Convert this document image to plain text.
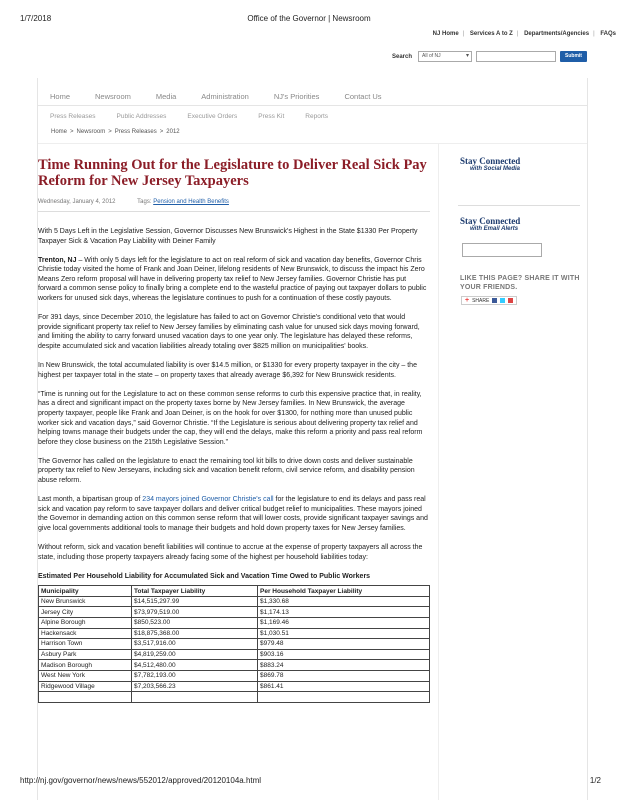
1/7/2018	Office of the Governor | Newsroom
NJ Home | Services A to Z | Departments/Agencies | FAQs
Search	All of NJ ▾	Submit
Home	Newsroom	Media	Administration	NJ's Priorities	Contact Us
Press Releases	Public Addresses	Executive Orders	Press Kit	Reports
Home > Newsroom > Press Releases > 2012
Time Running Out for the Legislature to Deliver Real Sick Pay Reform for New Jersey Taxpayers
Wednesday, January 4, 2012	Tags: Pension and Health Benefits

With 5 Days Left in the Legislative Session, Governor Discusses New Brunswick's Highest in the State $1330 Per Property Taxpayer Sick & Vacation Pay Liability with Deiner Family

Trenton, NJ – With only 5 days left for the legislature to act on real reform of sick and vacation day benefits, Governor Chris Christie today visited the home of Frank and Joan Deiner, lifelong residents of New Brunswick, to discuss the impact his Zero Means Zero reform proposal will have in delivering property tax relief to New Jersey families. Governor Christie has put forward a common sense policy to finally bring a complete end to the wasteful practice of paying out taxpayer dollars to public workers for unused sick days, whereas the legislature continues to push for a continuation of these costly payouts.

For 391 days, since December 2010, the legislature has failed to act on Governor Christie's conditional veto that would provide significant property tax relief to New Jersey families by eliminating cash value for unused sick days moving forward, and limiting the ability to carry forward unused vacation days to one year only. The legislature has delayed these reforms, despite accumulated sick and vacation liabilities already totaling over $825 million on municipalities' books.

In New Brunswick, the total accumulated liability is over $14.5 million, or $1330 for every property taxpayer in the city – the highest per taxpayer total in the state – on property taxes that already average $6,392 for New Brunswick residents.

“Time is running out for the Legislature to act on these common sense reforms to curb this expensive practice that, in reality, has a direct and significant impact on the property taxes borne by New Jersey families. In New Brunswick, the average property taxpayer, people like Frank and Joan Deiner, is on the hook for over $1300, for nothing more than unused public worker sick and vacation days,” said Governor Christie. “If the Legislature is serious about delivering property tax relief and helping towns manage their budgets under the cap, they will end the delays, make this reform a priority and pass real reform before they close business on the 215th Legislative Session.”

The Governor has called on the legislature to enact the remaining tool kit bills to drive down costs and deliver sustainable property tax relief to New Jerseyans, including sick and vacation benefit reform, civil service reform, and disability pension abuse reform.

Last month, a bipartisan group of 234 mayors joined Governor Christie's call for the legislature to end its delays and pass real sick and vacation pay reform to save taxpayer dollars and deliver critical budget relief to municipalities. These mayors joined the Governor in demanding action on this common sense reform that will lower costs, provide significant taxpayer savings and give local governments additional tools to manage their budgets and hold down property taxes for New Jersey families.

Without reform, sick and vacation benefit liabilities will continue to accrue at the expense of property taxpayers all across the state, including those property taxpayers already facing some of the highest per household liabilities today:

Estimated Per Household Liability for Accumulated Sick and Vacation Time Owed to Public Workers
Municipality	Total Taxpayer Liability	Per Household Taxpayer Liability
New Brunswick	$14,515,297.99	$1,330.68
Jersey City	$73,979,519.00	$1,174.13
Alpine Borough	$850,523.00	$1,169.46
Hackensack	$18,875,368.00	$1,030.51
Harrison Town	$3,517,916.00	$979.48
Asbury Park	$4,819,259.00	$903.16
Madison Borough	$4,512,480.00	$883.24
West New York	$7,782,193.00	$869.78
Ridgewood Village	$7,203,566.23	$861.41

Stay Connected
with Social Media
Stay Connected
with Email Alerts
LIKE THIS PAGE? SHARE IT WITH YOUR FRIENDS.
+ SHARE
http://nj.gov/governor/news/news/552012/approved/20120104a.html	1/2
